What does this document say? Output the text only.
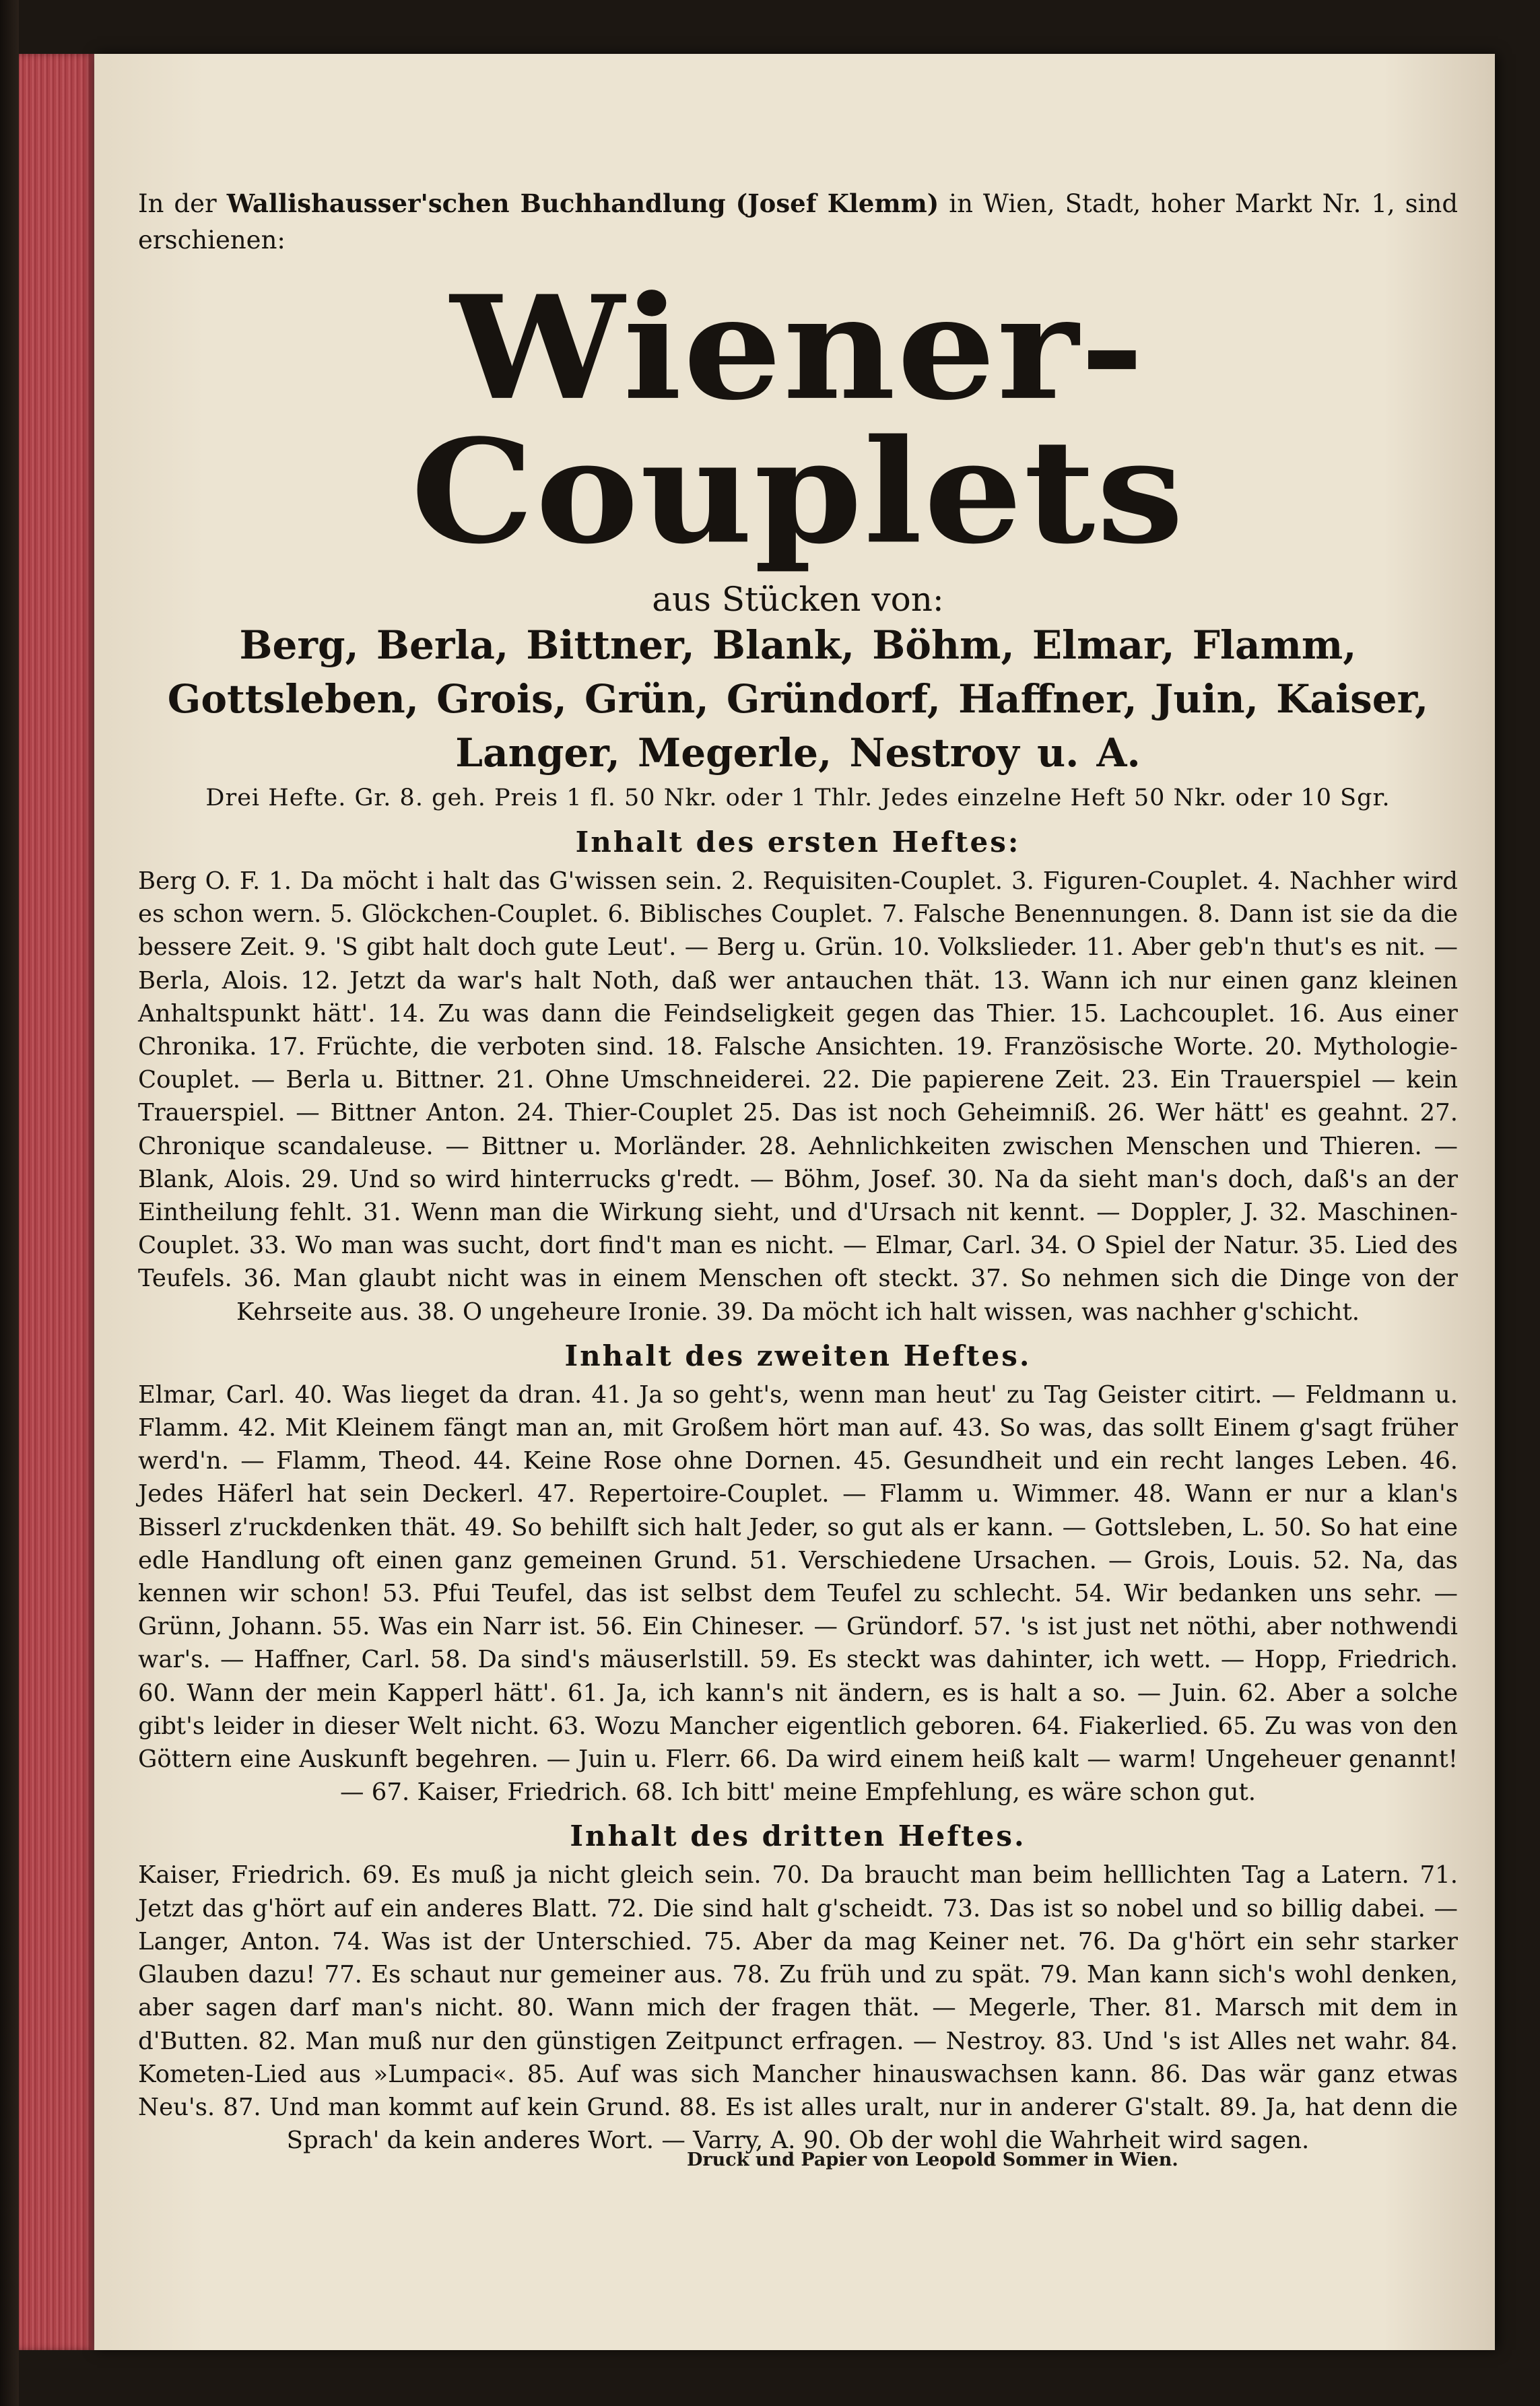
In der Wallishausser'schen Buchhandlung (Josef Klemm) in Wien, Stadt, hoher Markt Nr. 1, sind erschienen:
Wiener-Couplets
aus Stücken von:
Berg, Berla, Bittner, Blank, Böhm, Elmar, Flamm, Gottsleben, Grois, Grün, Gründorf, Haffner, Juin, Kaiser, Langer, Megerle, Nestroy u. A.
Drei Hefte. Gr. 8. geh. Preis 1 fl. 50 Nkr. oder 1 Thlr. Jedes einzelne Heft 50 Nkr. oder 10 Sgr.
Inhalt des ersten Heftes:
Berg O. F. 1. Da möcht i halt das G'wissen sein. 2. Requisiten-Couplet. 3. Figuren-Couplet. 4. Nachher wird es schon wern. 5. Glöckchen-Couplet. 6. Biblisches Couplet. 7. Falsche Benennungen. 8. Dann ist sie da die bessere Zeit. 9. 'S gibt halt doch gute Leut'. — Berg u. Grün. 10. Volkslieder. 11. Aber geb'n thut's es nit. — Berla, Alois. 12. Jetzt da war's halt Noth, daß wer antauchen thät. 13. Wann ich nur einen ganz kleinen Anhaltspunkt hätt'. 14. Zu was dann die Feindseligkeit gegen das Thier. 15. Lachcouplet. 16. Aus einer Chronika. 17. Früchte, die verboten sind. 18. Falsche Ansichten. 19. Französische Worte. 20. Mythologie-Couplet. — Berla u. Bittner. 21. Ohne Umschneiderei. 22. Die papierene Zeit. 23. Ein Trauerspiel — kein Trauerspiel. — Bittner Anton. 24. Thier-Couplet 25. Das ist noch Geheimniß. 26. Wer hätt' es geahnt. 27. Chronique scandaleuse. — Bittner u. Morländer. 28. Aehnlichkeiten zwischen Menschen und Thieren. — Blank, Alois. 29. Und so wird hinterrucks g'redt. — Böhm, Josef. 30. Na da sieht man's doch, daß's an der Eintheilung fehlt. 31. Wenn man die Wirkung sieht, und d'Ursach nit kennt. — Doppler, J. 32. Maschinen-Couplet. 33. Wo man was sucht, dort find't man es nicht. — Elmar, Carl. 34. O Spiel der Natur. 35. Lied des Teufels. 36. Man glaubt nicht was in einem Menschen oft steckt. 37. So nehmen sich die Dinge von der Kehrseite aus. 38. O ungeheure Ironie. 39. Da möcht ich halt wissen, was nachher g'schicht.
Inhalt des zweiten Heftes.
Elmar, Carl. 40. Was lieget da dran. 41. Ja so geht's, wenn man heut' zu Tag Geister citirt. — Feldmann u. Flamm. 42. Mit Kleinem fängt man an, mit Großem hört man auf. 43. So was, das sollt Einem g'sagt früher werd'n. — Flamm, Theod. 44. Keine Rose ohne Dornen. 45. Gesundheit und ein recht langes Leben. 46. Jedes Häferl hat sein Deckerl. 47. Repertoire-Couplet. — Flamm u. Wimmer. 48. Wann er nur a klan's Bisserl z'ruckdenken thät. 49. So behilft sich halt Jeder, so gut als er kann. — Gottsleben, L. 50. So hat eine edle Handlung oft einen ganz gemeinen Grund. 51. Verschiedene Ursachen. — Grois, Louis. 52. Na, das kennen wir schon! 53. Pfui Teufel, das ist selbst dem Teufel zu schlecht. 54. Wir bedanken uns sehr. — Grünn, Johann. 55. Was ein Narr ist. 56. Ein Chineser. — Gründorf. 57. 's ist just net nöthi, aber nothwendi war's. — Haffner, Carl. 58. Da sind's mäuserlstill. 59. Es steckt was dahinter, ich wett. — Hopp, Friedrich. 60. Wann der mein Kapperl hätt'. 61. Ja, ich kann's nit ändern, es is halt a so. — Juin. 62. Aber a solche gibt's leider in dieser Welt nicht. 63. Wozu Mancher eigentlich geboren. 64. Fiakerlied. 65. Zu was von den Göttern eine Auskunft begehren. — Juin u. Flerr. 66. Da wird einem heiß kalt — warm! Ungeheuer genannt! — 67. Kaiser, Friedrich. 68. Ich bitt' meine Empfehlung, es wäre schon gut.
Inhalt des dritten Heftes.
Kaiser, Friedrich. 69. Es muß ja nicht gleich sein. 70. Da braucht man beim helllichten Tag a Latern. 71. Jetzt das g'hört auf ein anderes Blatt. 72. Die sind halt g'scheidt. 73. Das ist so nobel und so billig dabei. — Langer, Anton. 74. Was ist der Unterschied. 75. Aber da mag Keiner net. 76. Da g'hört ein sehr starker Glauben dazu! 77. Es schaut nur gemeiner aus. 78. Zu früh und zu spät. 79. Man kann sich's wohl denken, aber sagen darf man's nicht. 80. Wann mich der fragen thät. — Megerle, Ther. 81. Marsch mit dem in d'Butten. 82. Man muß nur den günstigen Zeitpunct erfragen. — Nestroy. 83. Und 's ist Alles net wahr. 84. Kometen-Lied aus »Lumpaci«. 85. Auf was sich Mancher hinauswachsen kann. 86. Das wär ganz etwas Neu's. 87. Und man kommt auf kein Grund. 88. Es ist alles uralt, nur in anderer G'stalt. 89. Ja, hat denn die Sprach' da kein anderes Wort. — Varry, A. 90. Ob der wohl die Wahrheit wird sagen.
Druck und Papier von Leopold Sommer in Wien.
